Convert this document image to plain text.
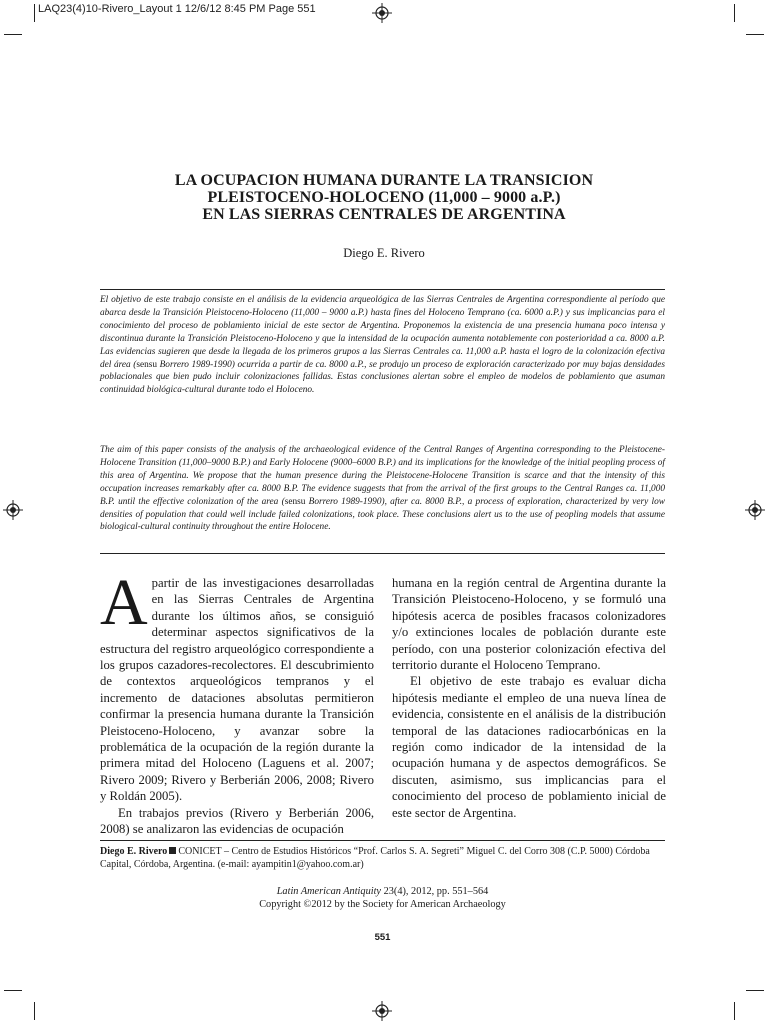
LAQ23(4)10-Rivero_Layout 1 12/6/12 8:45 PM Page 551
LA OCUPACION HUMANA DURANTE LA TRANSICION
PLEISTOCENO-HOLOCENO (11,000 – 9000 a.P.)
EN LAS SIERRAS CENTRALES DE ARGENTINA
Diego E. Rivero

El objetivo de este trabajo consiste en el análisis de la evidencia arqueológica de las Sierras Centrales de Argentina correspondiente al período que abarca desde la Transición Pleistoceno-Holoceno (11,000 – 9000 a.P.) hasta fines del Holoceno Temprano (ca. 6000 a.P.) y sus implicancias para el conocimiento del proceso de poblamiento inicial de este sector de Argentina. Proponemos la existencia de una presencia humana poco intensa y discontinua durante la Transición Pleistoceno-Holoceno y que la intensidad de la ocupación aumenta notablemente con posterioridad a ca. 8000 a.P. Las evidencias sugieren que desde la llegada de los primeros grupos a las Sierras Centrales ca. 11,000 a.P. hasta el logro de la colonización efectiva del área (sensu Borrero 1989-1990) ocurrida a partir de ca. 8000 a.P., se produjo un proceso de exploración caracterizado por muy bajas densidades poblacionales que bien pudo incluir colonizaciones fallidas. Estas conclusiones alertan sobre el empleo de modelos de poblamiento que asuman continuidad biológica-cultural durante todo el Holoceno.

The aim of this paper consists of the analysis of the archaeological evidence of the Central Ranges of Argentina corresponding to the Pleistocene-Holocene Transition (11,000–9000 B.P.) and Early Holocene (9000–6000 B.P.) and its implications for the knowledge of the initial peopling process of this area of Argentina. We propose that the human presence during the Pleistocene-Holocene Transition is scarce and that the intensity of this occupation increases remarkably after ca. 8000 B.P. The evidence suggests that from the arrival of the first groups to the Central Ranges ca. 11,000 B.P. until the effective colonization of the area (sensu Borrero 1989-1990), after ca. 8000 B.P., a process of exploration, characterized by very low densities of population that could well include failed colonizations, took place. These conclusions alert us to the use of peopling models that assume biological-cultural continuity throughout the entire Holocene.

Apartir de las investigaciones desarrolladas en las Sierras Centrales de Argentina durante los últimos años, se consiguió determinar aspectos significativos de la estructura del registro arqueológico correspondiente a los grupos cazadores-recolectores. El descubrimiento de contextos arqueológicos tempranos y el incremento de dataciones absolutas permitieron confirmar la presencia humana durante la Transición Pleistoceno-Holoceno, y avanzar sobre la problemática de la ocupación de la región durante la primera mitad del Holoceno (Laguens et al. 2007; Rivero 2009; Rivero y Berberián 2006, 2008; Rivero y Roldán 2005).

En trabajos previos (Rivero y Berberián 2006, 2008) se analizaron las evidencias de ocupación

humana en la región central de Argentina durante la Transición Pleistoceno-Holoceno, y se formuló una hipótesis acerca de posibles fracasos colonizadores y/o extinciones locales de población durante este período, con una posterior colonización efectiva del territorio durante el Holoceno Temprano.

El objetivo de este trabajo es evaluar dicha hipótesis mediante el empleo de una nueva línea de evidencia, consistente en el análisis de la distribución temporal de las dataciones radiocarbónicas en la región como indicador de la intensidad de la ocupación humana y de aspectos demográficos. Se discuten, asimismo, sus implicancias para el conocimiento del proceso de poblamiento inicial de este sector de Argentina.

Diego E. Rivero CONICET – Centro de Estudios Históricos “Prof. Carlos S. A. Segreti” Miguel C. del Corro 308 (C.P. 5000) Córdoba Capital, Córdoba, Argentina. (e-mail: ayampitin1@yahoo.com.ar)

Latin American Antiquity 23(4), 2012, pp. 551–564
Copyright ©2012 by the Society for American Archaeology
551
